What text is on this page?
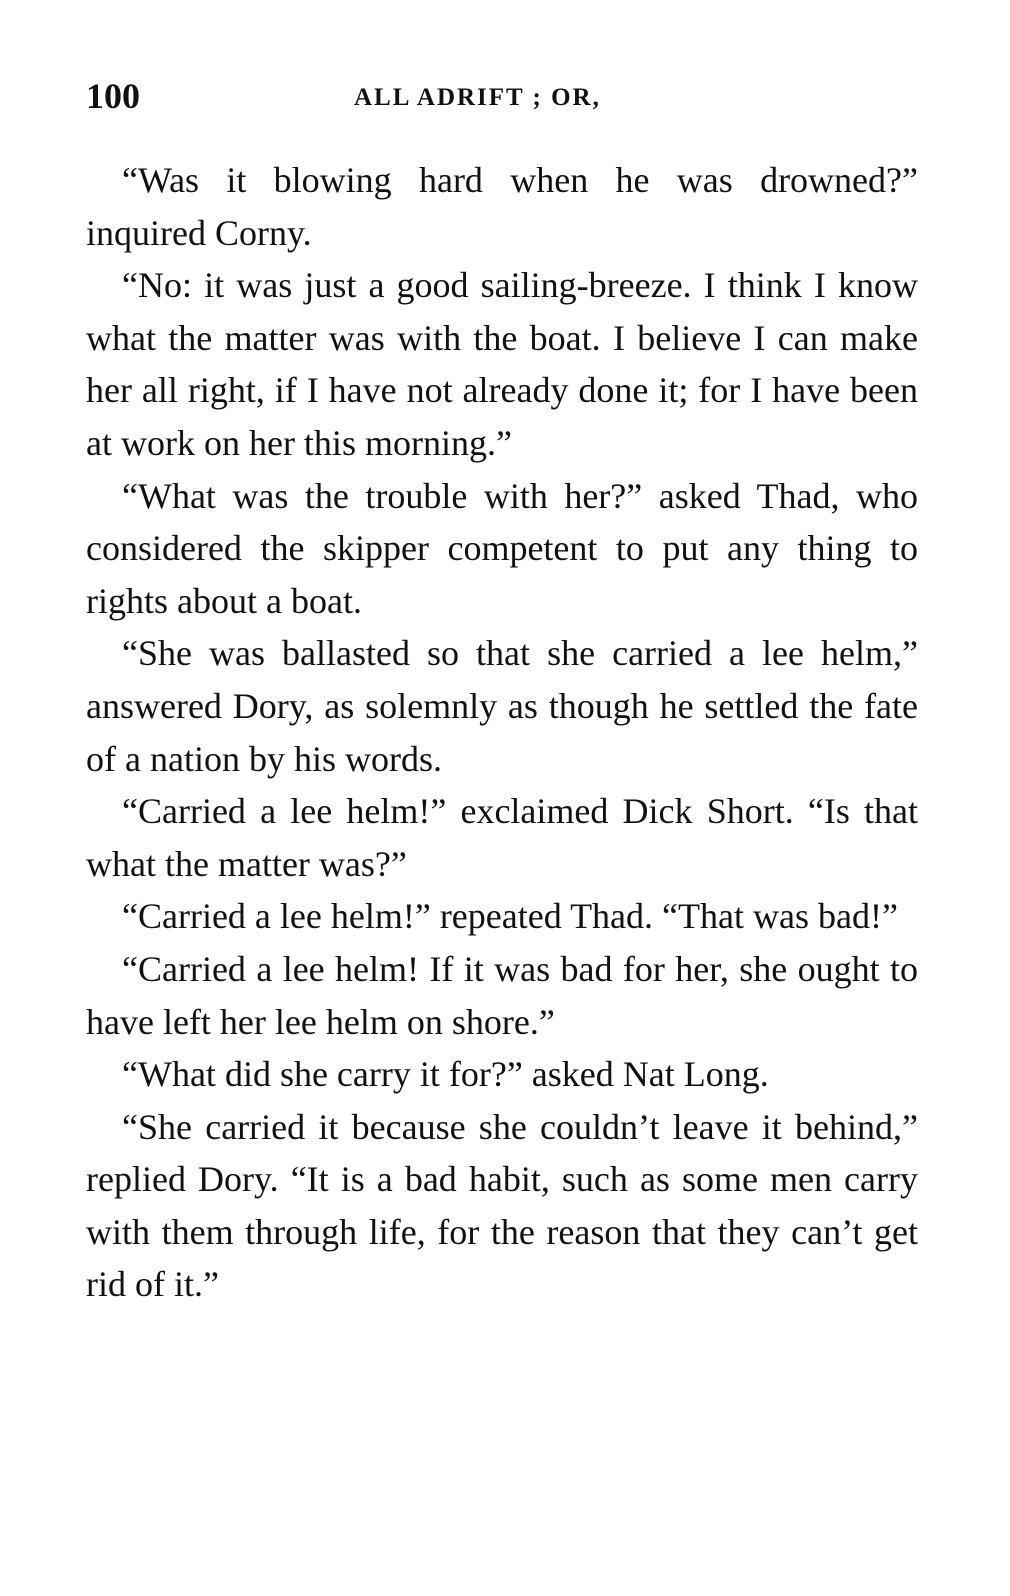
100	ALL ADRIFT ; OR,

“Was it blowing hard when he was drowned?” inquired Corny.

“No: it was just a good sailing-breeze. I think I know what the matter was with the boat. I believe I can make her all right, if I have not already done it; for I have been at work on her this morning.”

“What was the trouble with her?” asked Thad, who considered the skipper competent to put any thing to rights about a boat.

“She was ballasted so that she carried a lee helm,” answered Dory, as solemnly as though he settled the fate of a nation by his words.

“Carried a lee helm!” exclaimed Dick Short. “Is that what the matter was?”

“Carried a lee helm!” repeated Thad. “That was bad!”

“Carried a lee helm! If it was bad for her, she ought to have left her lee helm on shore.”

“What did she carry it for?” asked Nat Long.

“She carried it because she couldn’t leave it behind,” replied Dory. “It is a bad habit, such as some men carry with them through life, for the reason that they can’t get rid of it.”
